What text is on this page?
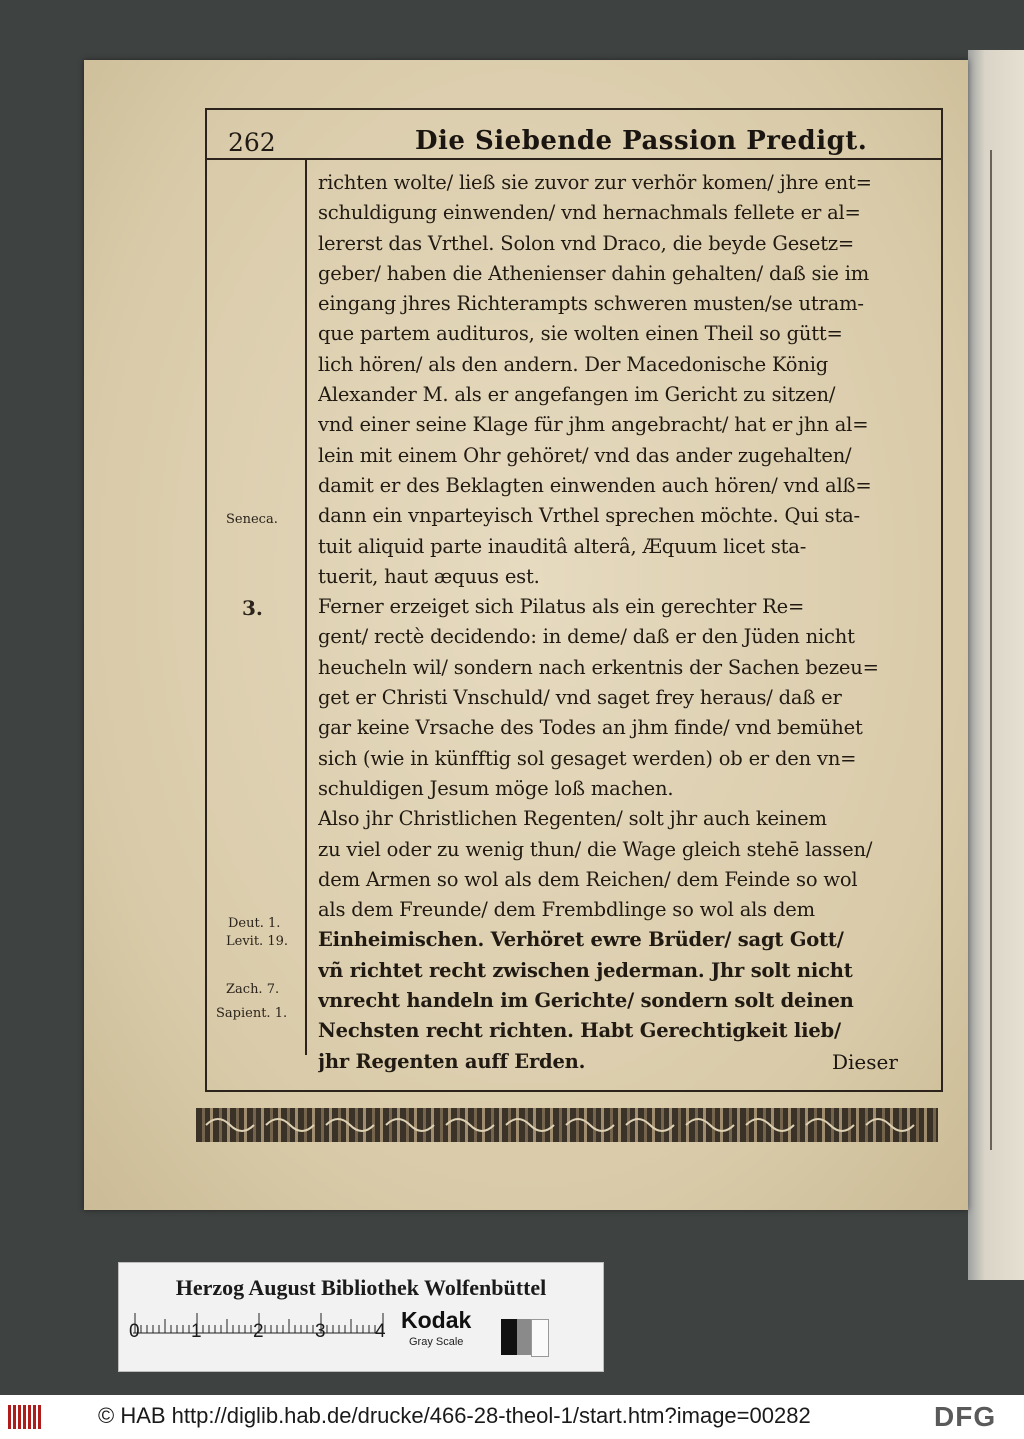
262	Die Siebende Passion Predigt.
richten wolte/ ließ sie zuvor zur verhör komen/ jhre ent=
schuldigung einwenden/ vnd hernachmals fellete er al=
lererst das Vrthel. Solon vnd Draco, die beyde Gesetz=
geber/ haben die Athenienser dahin gehalten/ daß sie im
eingang jhres Richterampts schweren musten/se utram-
que partem audituros, sie wolten einen Theil so gütt=
lich hören/ als den andern. Der Macedonische König
Alexander M. als er angefangen im Gericht zu sitzen/
vnd einer seine Klage für jhm angebracht/ hat er jhn al=
lein mit einem Ohr gehöret/ vnd das ander zugehalten/
damit er des Beklagten einwenden auch hören/ vnd alß=
dann ein vnparteyisch Vrthel sprechen möchte. Qui sta-
tuit aliquid parte inauditâ alterâ, Æquum licet sta-
tuerit, haut æquus est.
Ferner erzeiget sich Pilatus als ein gerechter Re=
gent/ rectè decidendo: in deme/ daß er den Jüden nicht
heucheln wil/ sondern nach erkentnis der Sachen bezeu=
get er Christi Vnschuld/ vnd saget frey heraus/ daß er
gar keine Vrsache des Todes an jhm finde/ vnd bemühet
sich (wie in künfftig sol gesaget werden) ob er den vn=
schuldigen Jesum möge loß machen.
Also jhr Christlichen Regenten/ solt jhr auch keinem
zu viel oder zu wenig thun/ die Wage gleich stehē lassen/
dem Armen so wol als dem Reichen/ dem Feinde so wol
als dem Freunde/ dem Frembdlinge so wol als dem
Einheimischen. Verhöret ewre Brüder/ sagt Gott/
vñ richtet recht zwischen jederman. Jhr solt nicht
vnrecht handeln im Gerichte/ sondern solt deinen
Nechsten recht richten. Habt Gerechtigkeit lieb/
jhr Regenten auff Erden.
Seneca.
3.
Deut. 1.
Levit. 19.
Zach. 7.
Sapient. 1.
Dieser
Herzog August Bibliothek Wolfenbüttel
0	1	2	3	4 Kodak
Gray Scale
© HAB http://diglib.hab.de/drucke/466-28-theol-1/start.htm?image=00282	DFG
